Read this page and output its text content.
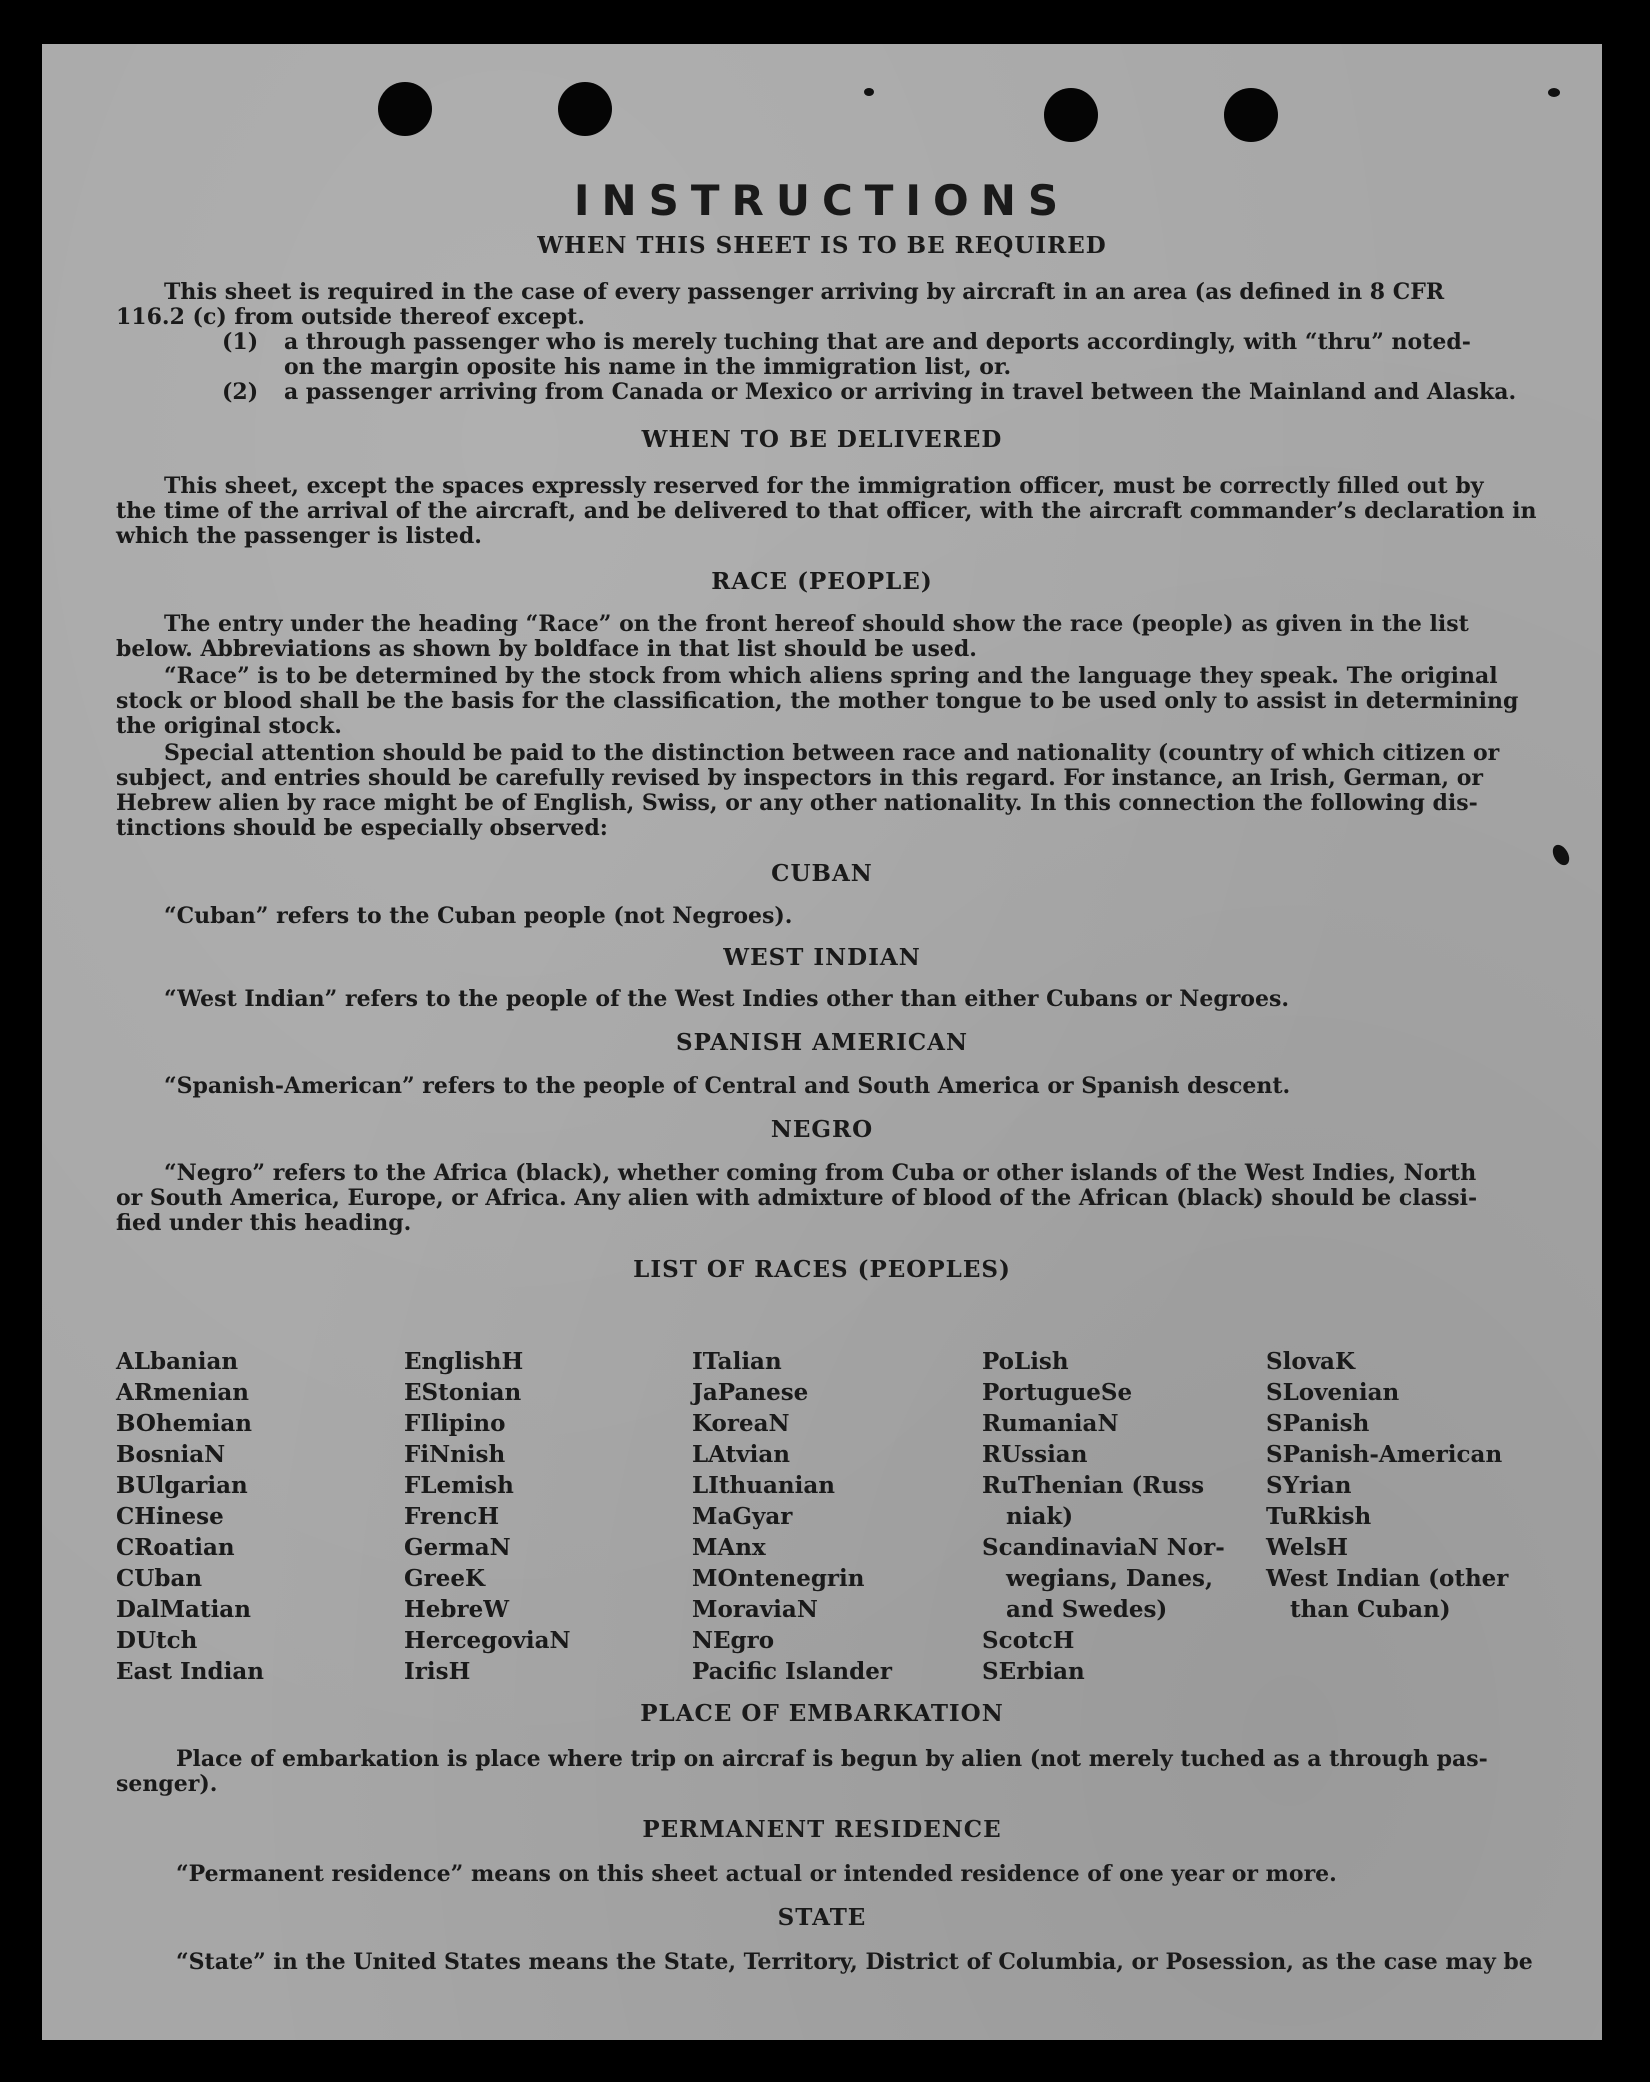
INSTRUCTIONS
WHEN THIS SHEET IS TO BE REQUIRED
This sheet is required in the case of every passenger arriving by aircraft in an area (as defined in 8 CFR
116.2 (c) from outside thereof except.
(1) a through passenger who is merely tuching that are and deports accordingly, with “thru” noted-
on the margin oposite his name in the immigration list, or.
(2) a passenger arriving from Canada or Mexico or arriving in travel between the Mainland and Alaska.
WHEN TO BE DELIVERED
This sheet, except the spaces expressly reserved for the immigration officer, must be correctly filled out by
the time of the arrival of the aircraft, and be delivered to that officer, with the aircraft commander’s declaration in
which the passenger is listed.
RACE (PEOPLE)
The entry under the heading “Race” on the front hereof should show the race (people) as given in the list
below. Abbreviations as shown by boldface in that list should be used.
“Race” is to be determined by the stock from which aliens spring and the language they speak. The original
stock or blood shall be the basis for the classification, the mother tongue to be used only to assist in determining
the original stock.
Special attention should be paid to the distinction between race and nationality (country of which citizen or
subject, and entries should be carefully revised by inspectors in this regard. For instance, an Irish, German, or
Hebrew alien by race might be of English, Swiss, or any other nationality. In this connection the following dis-
tinctions should be especially observed:
CUBAN
“Cuban” refers to the Cuban people (not Negroes).
WEST INDIAN
“West Indian” refers to the people of the West Indies other than either Cubans or Negroes.
SPANISH AMERICAN
“Spanish-American” refers to the people of Central and South America or Spanish descent.
NEGRO
“Negro” refers to the Africa (black), whether coming from Cuba or other islands of the West Indies, North
or South America, Europe, or Africa. Any alien with admixture of blood of the African (black) should be classi-
fied under this heading.
LIST OF RACES (PEOPLES)
ALbanian
ARmenian
BOhemian
BosniaN
BUlgarian
CHinese
CRoatian
CUban
DalMatian
DUtch
East Indian
EnglishH
EStonian
FIlipino
FiNnish
FLemish
FrencH
GermaN
GreeK
HebreW
HercegoviaN
IrisH
ITalian
JaPanese
KoreaN
LAtvian
LIthuanian
MaGyar
MAnx
MOntenegrin
MoraviaN
NEgro
Pacific Islander
PoLish
PortugueSe
RumaniaN
RUssian
RuThenian (Russ
niak)
ScandinaviaN Nor-
wegians, Danes,
and Swedes)
ScotcH
SErbian
SlovaK
SLovenian
SPanish
SPanish-American
SYrian
TuRkish
WelsH
West Indian (other
than Cuban)
PLACE OF EMBARKATION
Place of embarkation is place where trip on aircraf is begun by alien (not merely tuched as a through pas-
senger).
PERMANENT RESIDENCE
“Permanent residence” means on this sheet actual or intended residence of one year or more.
STATE
“State” in the United States means the State, Territory, District of Columbia, or Posession, as the case may be
